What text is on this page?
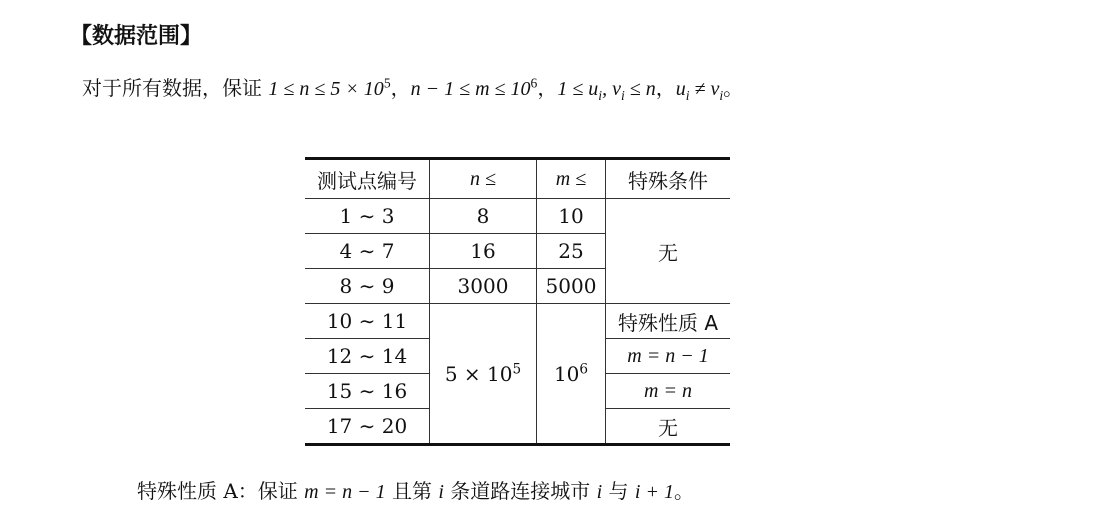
【数据范围】
对于所有数据，保证 $1 \le n \le 5 \times 10^5$，$n - 1 \le m \le 10^6$，$1 \le u_i$, $v_i \le n$，$u_i \ne v_i$。
测试点编号	n ≤	m ≤	特殊条件
1 ∼ 3	8	10	无
4 ∼ 7	16	25	
8 ∼ 9	3000	5000	
10 ∼ 11	$5 \times 10^5$	$10^6$	特殊性质 A
12 ∼ 14			m = n − 1
15 ∼ 16			m = n
17 ∼ 20			无
特殊性质 A：保证 m = n − 1 且第 i 条道路连接城市 i 与 i + 1。
